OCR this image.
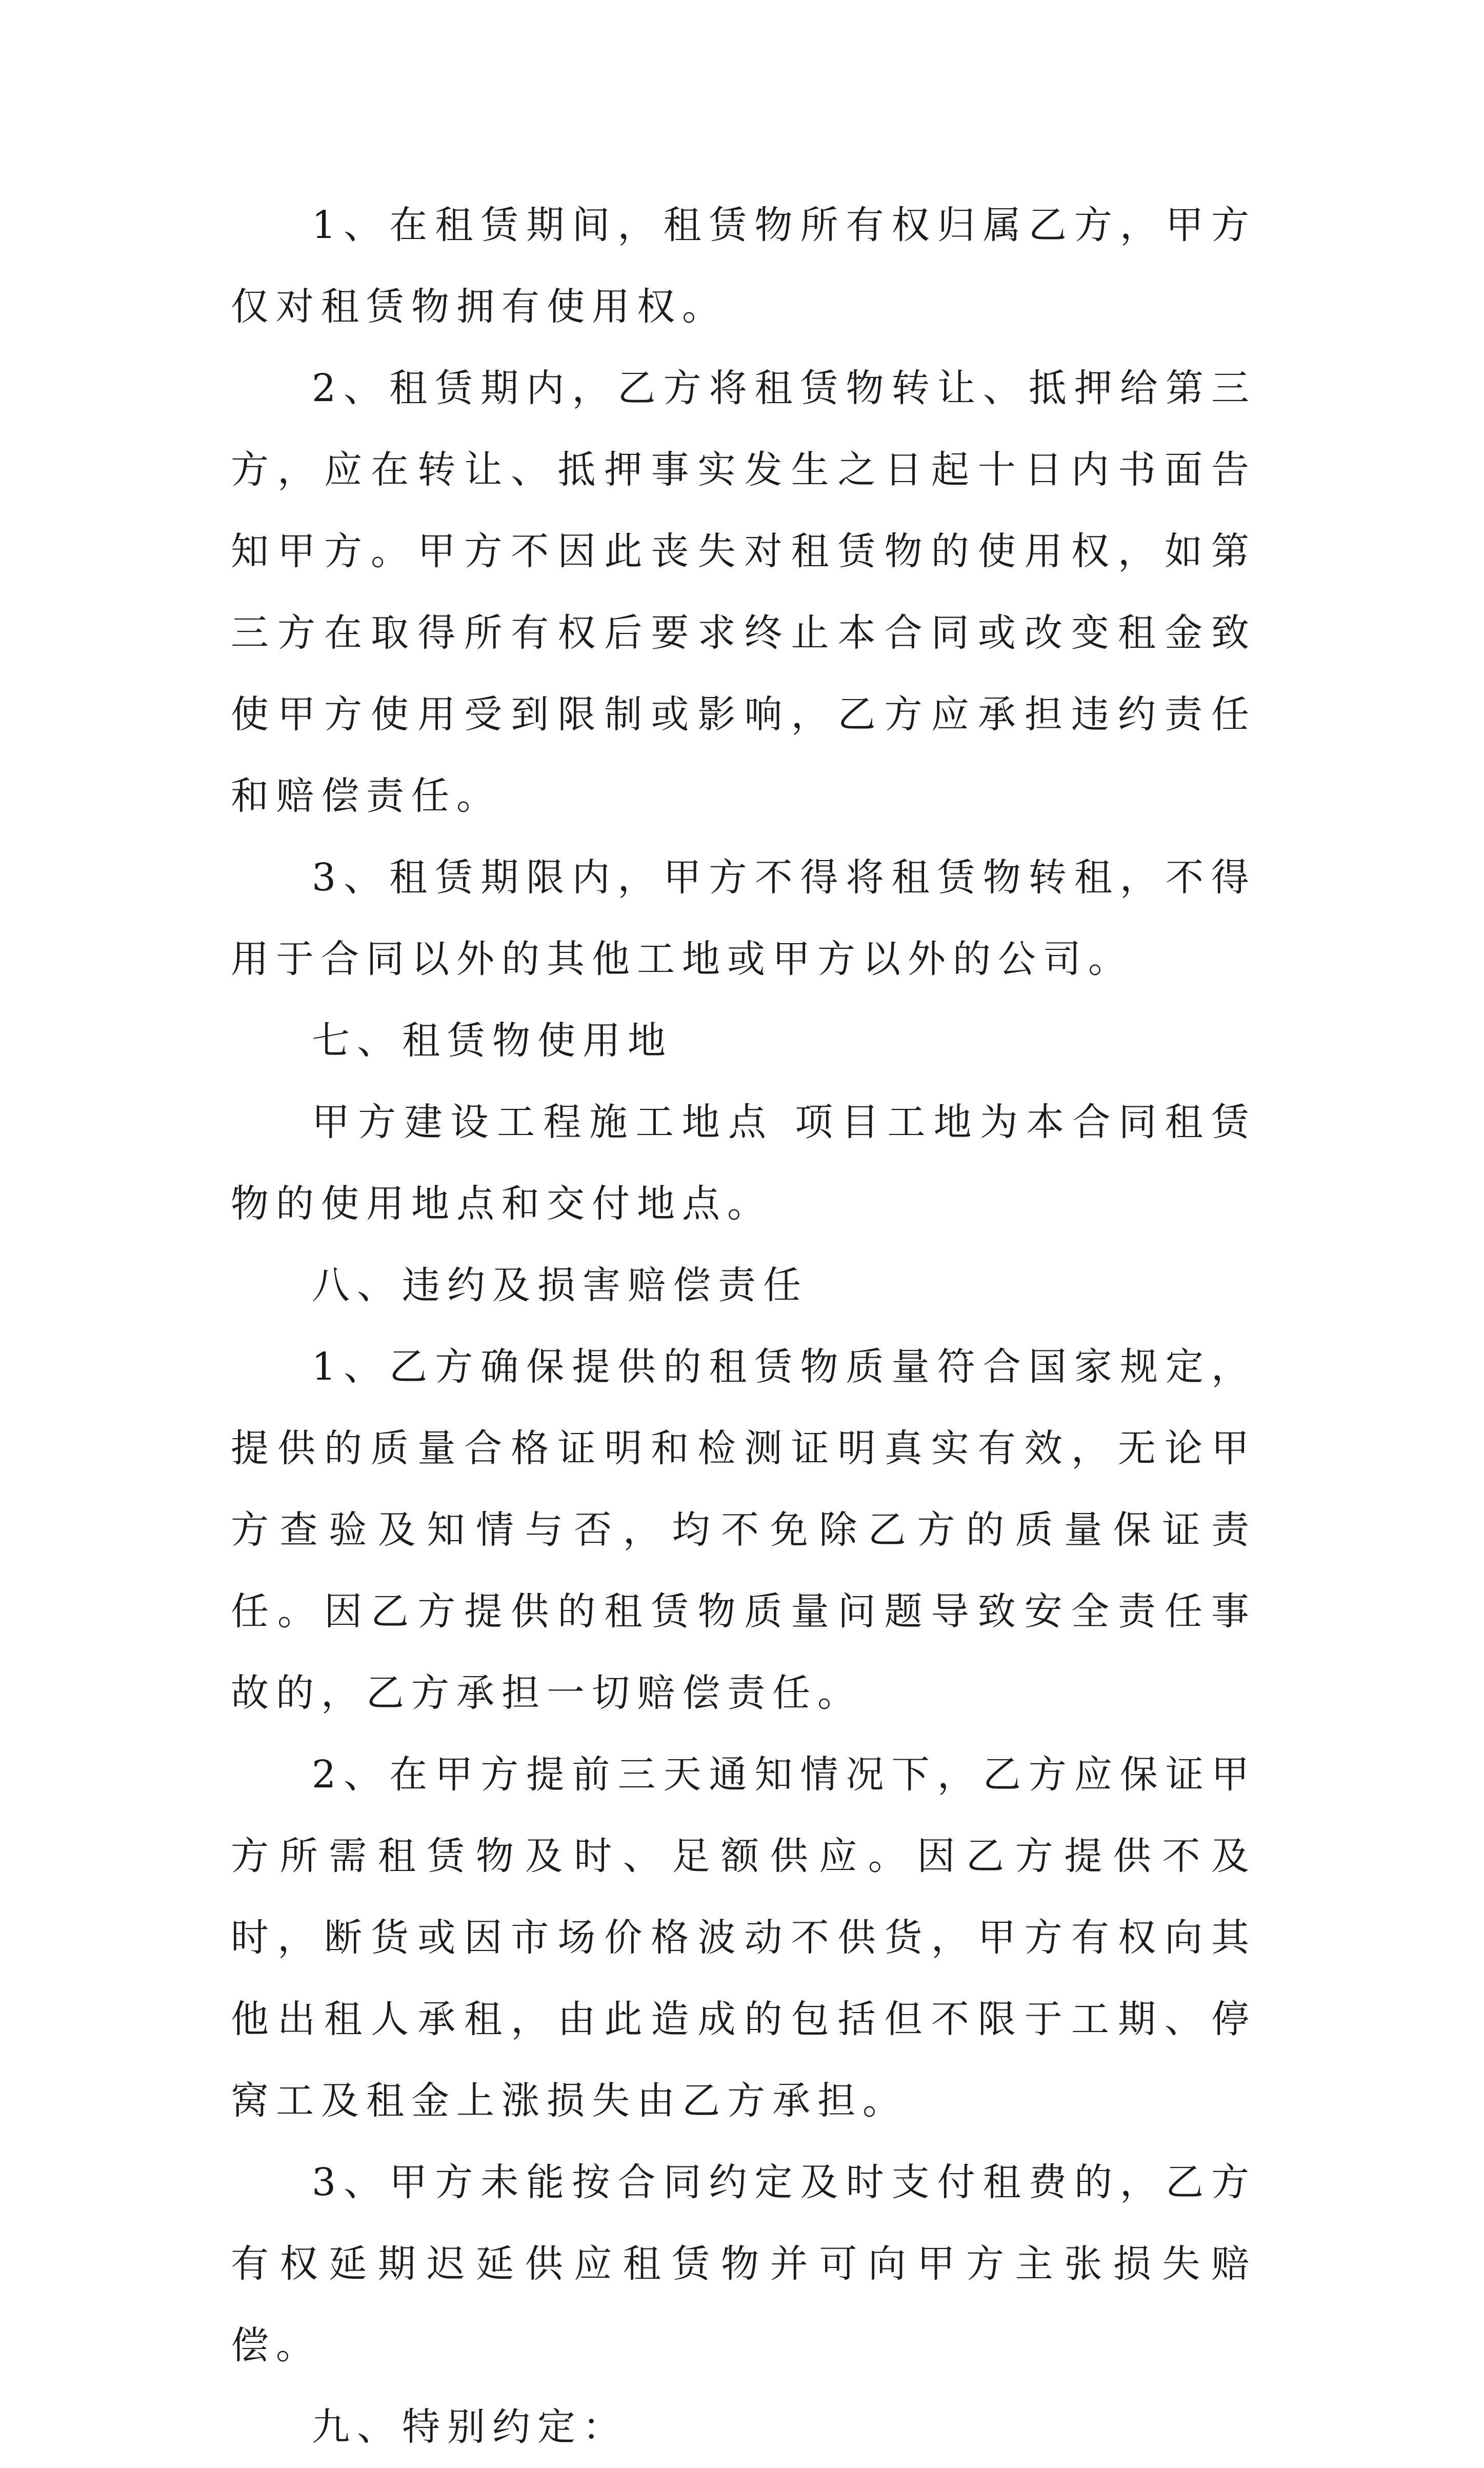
1、在租赁期间，租赁物所有权归属乙方，甲方仅对租赁物拥有使用权。

2、租赁期内，乙方将租赁物转让、抵押给第三方，应在转让、抵押事实发生之日起十日内书面告知甲方。甲方不因此丧失对租赁物的使用权，如第三方在取得所有权后要求终止本合同或改变租金致使甲方使用受到限制或影响，乙方应承担违约责任和赔偿责任。

3、租赁期限内，甲方不得将租赁物转租，不得用于合同以外的其他工地或甲方以外的公司。

七、租赁物使用地

甲方建设工程施工地点 项目工地为本合同租赁物的使用地点和交付地点。

八、违约及损害赔偿责任

1、乙方确保提供的租赁物质量符合国家规定，提供的质量合格证明和检测证明真实有效，无论甲方查验及知情与否，均不免除乙方的质量保证责任。因乙方提供的租赁物质量问题导致安全责任事故的，乙方承担一切赔偿责任。

2、在甲方提前三天通知情况下，乙方应保证甲方所需租赁物及时、足额供应。因乙方提供不及时，断货或因市场价格波动不供货，甲方有权向其他出租人承租，由此造成的包括但不限于工期、停窝工及租金上涨损失由乙方承担。

3、甲方未能按合同约定及时支付租费的，乙方有权延期迟延供应租赁物并可向甲方主张损失赔偿。

九、特别约定：
